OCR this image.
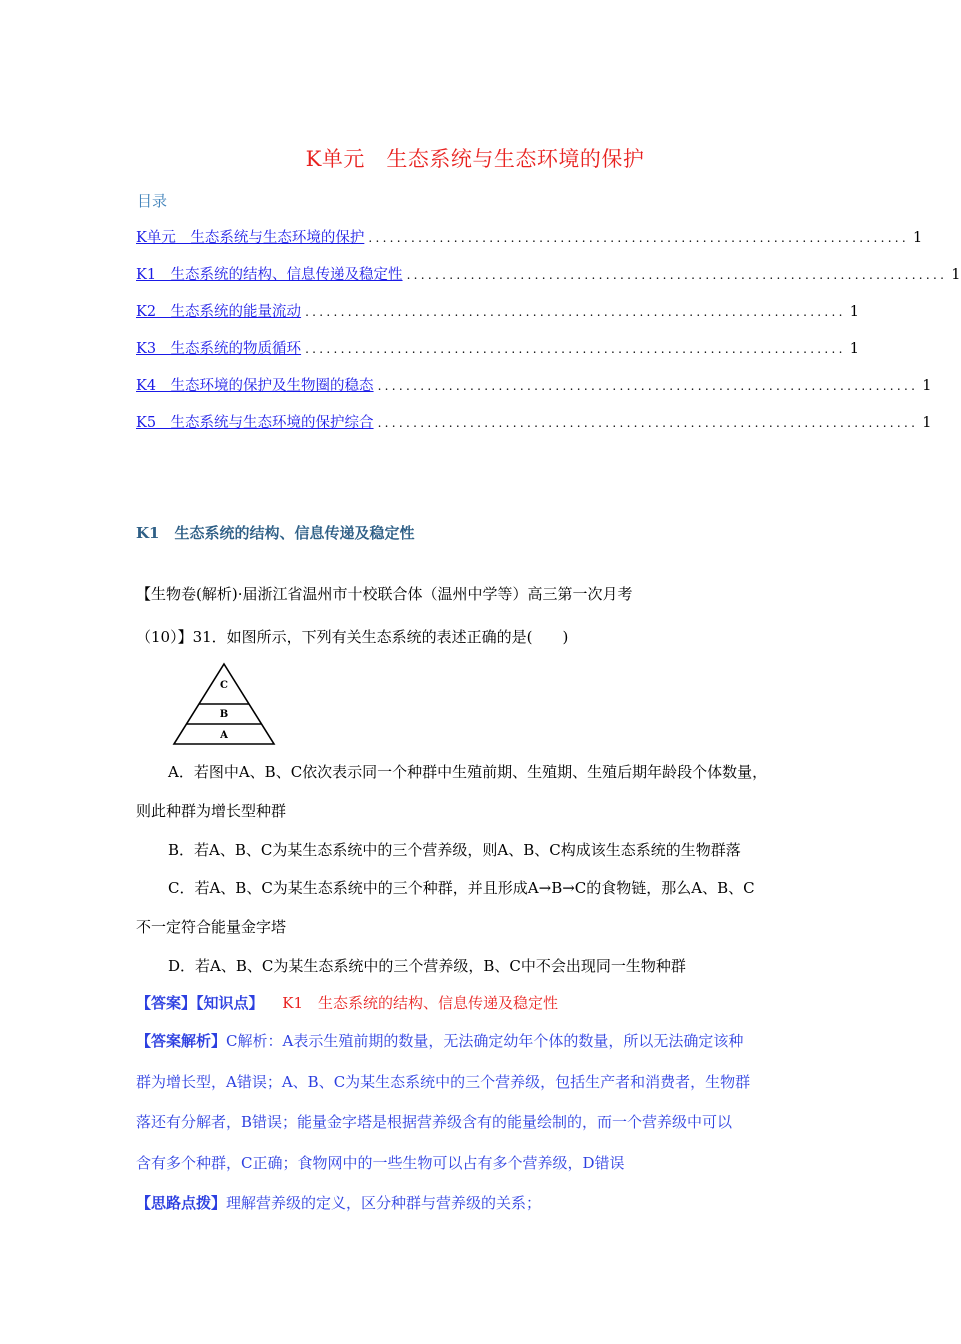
K单元　生态系统与生态环境的保护
目录
K单元　生态系统与生态环境的保护 ............................................................................ 1
K1　生态系统的结构、信息传递及稳定性 ............................................................................ 1
K2　生态系统的能量流动 ............................................................................ 1
K3　生态系统的物质循环 ............................................................................ 1
K4　生态环境的保护及生物圈的稳态 ............................................................................ 1
K5　生态系统与生态环境的保护综合 ............................................................................ 1
K1　生态系统的结构、信息传递及稳定性
【生物卷(解析)·届浙江省温州市十校联合体（温州中学等）高三第一次月考
（10）】31．如图所示，下列有关生态系统的表述正确的是(　　)
C
B
A
A．若图中A、B、C依次表示同一个种群中生殖前期、生殖期、生殖后期年龄段个体数量，
则此种群为增长型种群
B．若A、B、C为某生态系统中的三个营养级，则A、B、C构成该生态系统的生物群落
C．若A、B、C为某生态系统中的三个种群，并且形成A→B→C的食物链，那么A、B、C
不一定符合能量金字塔
D．若A、B、C为某生态系统中的三个营养级，B、C中不会出现同一生物种群
【答案】【知识点】 K1　生态系统的结构、信息传递及稳定性
【答案解析】C解析：A表示生殖前期的数量，无法确定幼年个体的数量，所以无法确定该种
群为增长型，A错误；A、B、C为某生态系统中的三个营养级，包括生产者和消费者，生物群
落还有分解者，B错误；能量金字塔是根据营养级含有的能量绘制的，而一个营养级中可以
含有多个种群，C正确；食物网中的一些生物可以占有多个营养级，D错误
【思路点拨】理解营养级的定义，区分种群与营养级的关系；
